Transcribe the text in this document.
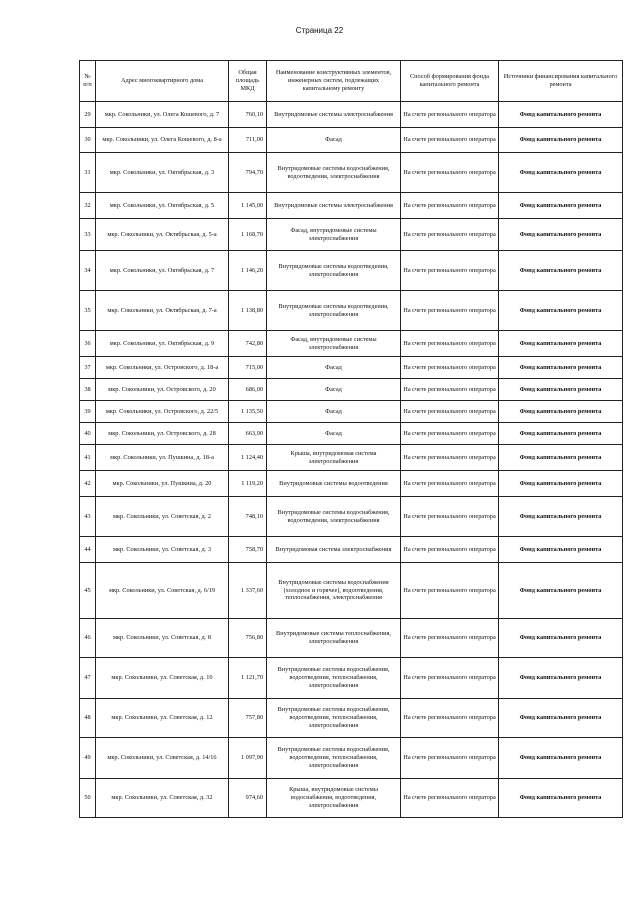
Страница 22
№ п/п	Адрес многоквартирного дома	Общая площадь МКД	Наименование конструктивных элементов, инженерных систем, подлежащих капитальному ремонту	Способ формирования фонда капитального ремонта	Источники финансирования капитального ремонта
29	мкр. Сокольники, ул. Олега Кошевого, д. 7	760,10	Внутридомовые системы электроснабжения	На счете регионального оператора	Фонд капитального ремонта
30	мкр. Сокольники, ул. Олега Кошевого, д. 8-а	711,00	Фасад	На счете регионального оператора	Фонд капитального ремонта
31	мкр. Сокольники, ул. Октябрьская, д. 3	794,70	Внутридомовые системы водоснабжения, водоотведения, электроснабжения	На счете регионального оператора	Фонд капитального ремонта
32	мкр. Сокольники, ул. Октябрьская, д. 5	1 145,00	Внутридомовые системы электроснабжения	На счете регионального оператора	Фонд капитального ремонта
33	мкр. Сокольники, ул. Октябрьская, д. 5-а	1 168,70	Фасад, внутридомовые системы электроснабжения	На счете регионального оператора	Фонд капитального ремонта
34	мкр. Сокольники, ул. Октябрьская, д. 7	1 146,20	Внутридомовые системы водоотведения, электроснабжения	На счете регионального оператора	Фонд капитального ремонта
35	мкр. Сокольники, ул. Октябрьская, д. 7-а	1 138,80	Внутридомовые системы водоотведения, электроснабжения	На счете регионального оператора	Фонд капитального ремонта
36	мкр. Сокольники, ул. Октябрьская, д. 9	742,80	Фасад, внутридомовые системы электроснабжения	На счете регионального оператора	Фонд капитального ремонта
37	мкр. Сокольники, ул. Островского, д. 18-а	715,00	Фасад	На счете регионального оператора	Фонд капитального ремонта
38	мкр. Сокольники, ул. Островского, д. 20	686,00	Фасад	На счете регионального оператора	Фонд капитального ремонта
39	мкр. Сокольники, ул. Островского, д. 22/5	1 135,50	Фасад	На счете регионального оператора	Фонд капитального ремонта
40	мкр. Сокольники, ул. Островского, д. 28	663,90	Фасад	На счете регионального оператора	Фонд капитального ремонта
41	мкр. Сокольники, ул. Пушкина, д. 18-а	1 124,40	Крыша, внутридомовая система электроснабжения	На счете регионального оператора	Фонд капитального ремонта
42	мкр. Сокольники, ул. Пушкина, д. 20	1 119,20	Внутридомовые системы водоотведения	На счете регионального оператора	Фонд капитального ремонта
43	мкр. Сокольники, ул. Советская, д. 2	748,10	Внутридомовые системы водоснабжения, водоотведения, электроснабжения	На счете регионального оператора	Фонд капитального ремонта
44	мкр. Сокольники, ул. Советская, д. 3	758,70	Внутридомовая система электроснабжения	На счете регионального оператора	Фонд капитального ремонта
45	мкр. Сокольники, ул. Советская, д. 6/19	1 337,60	Внутридомовые системы водоснабжения (холодное и горячее), водоотведения, теплоснабжения, электроснабжения	На счете регионального оператора	Фонд капитального ремонта
46	мкр. Сокольники, ул. Советская, д. 8	756,80	Внутридомовые системы теплоснабжения, электроснабжения	На счете регионального оператора	Фонд капитального ремонта
47	мкр. Сокольники, ул. Советская, д. 10	1 121,70	Внутридомовые системы водоснабжения, водоотведения, теплоснабжения, электроснабжения	На счете регионального оператора	Фонд капитального ремонта
48	мкр. Сокольники, ул. Советская, д. 12	757,80	Внутридомовые системы водоснабжения, водоотведения, теплоснабжения, электроснабжения	На счете регионального оператора	Фонд капитального ремонта
49	мкр. Сокольники, ул. Советская, д. 14/16	1 097,90	Внутридомовые системы водоснабжения, водоотведения, теплоснабжения, электроснабжения	На счете регионального оператора	Фонд капитального ремонта
50	мкр. Сокольники, ул. Советская, д. 32	974,60	Крыша, внутридомовые системы водоснабжения, водоотведения, электроснабжения	На счете регионального оператора	Фонд капитального ремонта
